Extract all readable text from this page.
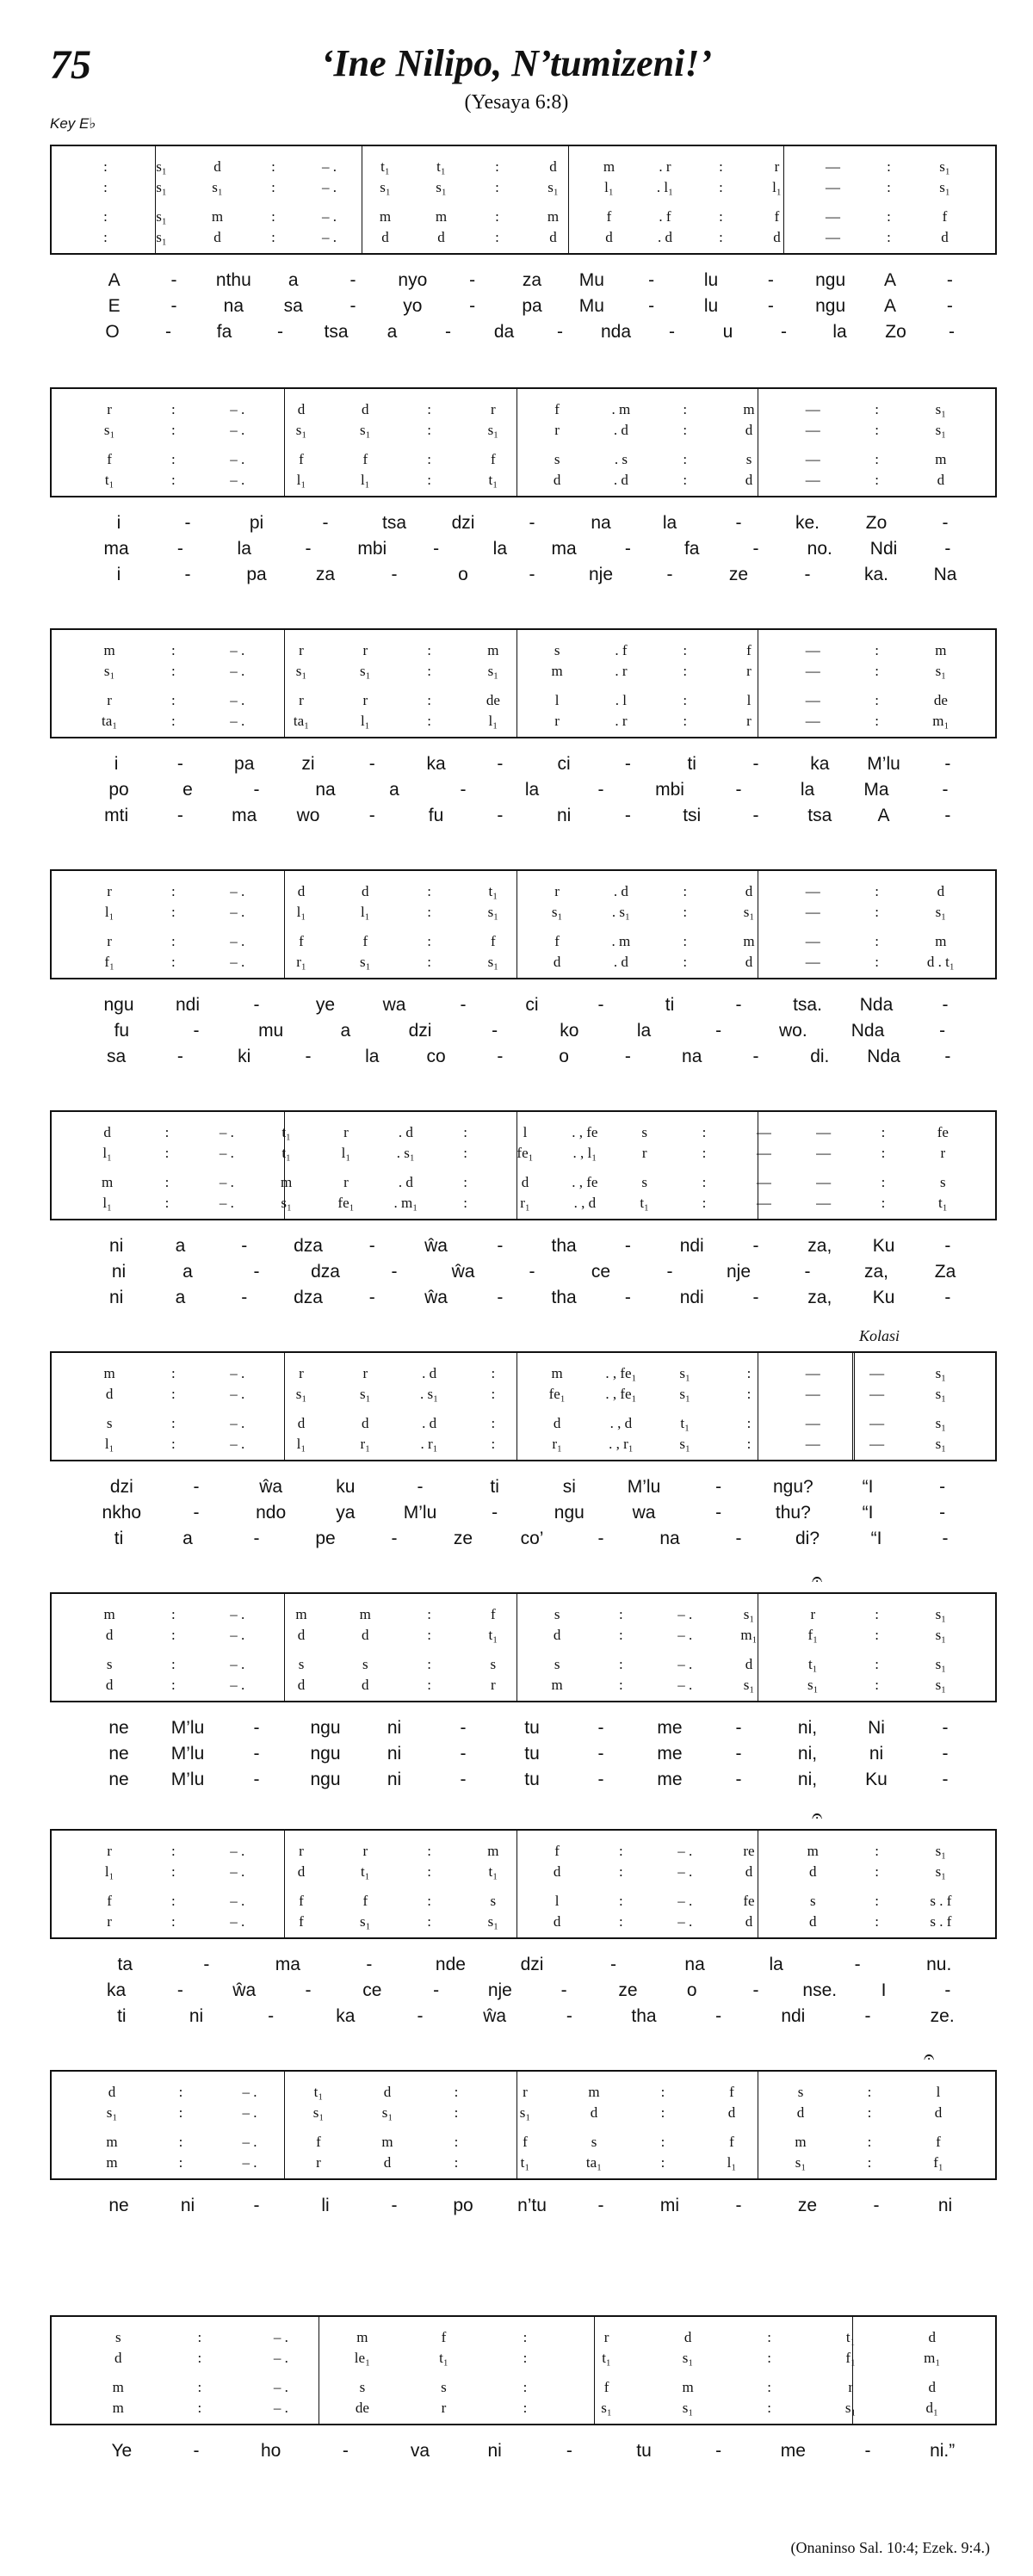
75	‘Ine Nilipo, N’tumizeni!’
(Yesaya 6:8)
Key E♭
:	s₁	d	:	– .	t₁	t₁	:	d	m	. r	:	r	—	:	s₁
:	s₁	s₁	:	– .	s₁	s₁	:	s₁	l₁	. l₁	:	l₁	—	:	s₁
:	s₁	m	:	– .	m	m	:	m	f	. f	:	f	—	:	f
:	s₁	d	:	– .	d	d	:	d	d	. d	:	d	—	:	d
A	- nthu a	- nyo -	za Mu -	lu	- ngu A	-
E	-	na sa	-	yo	-	pa Mu -	lu	- ngu A	-
O	-	fa	- tsa a	- da - nda -	u	-	la Zo -
r	:	– .	d	d	:	r	f	. m	:	m	—	:	s₁
s₁	:	– .	s₁	s₁	:	s₁	r	. d	:	d	—	:	s₁
f	:	– .	f	f	:	f	s	. s	:	s	—	:	m
t₁	:	– .	l₁	l₁	:	t₁	d	. d	:	d	—	:	d
i	-	pi	-	tsa	dzi	-	na	la	-	ke.	Zo	-
ma	-	la	-	mbi	-	la ma	-	fa	-	no. Ndi	-
i	-	pa	za	-	o	-	nje	-	ze	-	ka.	Na
m	:	– .	r	r	:	m	s	. f	:	f	—	:	m
s₁	:	– .	s₁	s₁	:	s₁	m	. r	:	r	—	:	s₁
r	:	– .	r	r	:	de	l	. l	:	l	—	:	de
ta₁	:	– .	ta₁	l₁	:	l₁	r	. r	:	r	—	:	m₁
i	-	pa	zi	-	ka	-	ci	-	ti	-	ka M’lu -
po	e	-	na	a	-	la	-	mbi	-	la	Ma	-
mti	-	ma wo	-	fu	-	ni	-	tsi	-	tsa	A	-
r	:	– .	d	d	:	t₁	r	. d	:	d	—	:	d
l₁	:	– .	l₁	l₁	:	s₁	s₁	. s₁	:	s₁	—	:	s₁
r	:	– .	f	f	:	f	f	. m	:	m	—	:	m
f₁	:	– .	r₁	s₁	:	s₁	d	. d	:	d	—	:	d . t₁
ngu ndi	-	ye	wa	-	ci	-	ti	-	tsa. Nda	-
fu	-	mu	a	dzi	-	ko	la	-	wo. Nda	-
sa	-	ki	-	la	co	-	o	-	na	-	di. Nda -
d	:	– .	t₁	r	. d	:	l	. , fe	s	:	—	—	:	fe
l₁	:	– .	t₁	l₁	. s₁	:	fe₁	. , l₁	r	:	—	—	:	r
m	:	– .	m	r	. d	:	d	. , fe	s	:	—	—	:	s
l₁	:	– .	s₁	fe₁	. m₁	:	r₁	. , d	t₁	:	—	—	:	t₁
ni	a	-	dza	-	ŵa	-	tha	-	ndi	-	za, Ku	-
ni	a	-	dza	-	ŵa	-	ce	-	nje	-	za,	Za
ni	a	-	dza	-	ŵa	-	tha	-	ndi	-	za, Ku	-
Kolasi
m	:	– .	r	r	. d	:	m	. , fe₁	s₁	:	—	—	s₁
d	:	– .	s₁	s₁	. s₁	:	fe₁	. , fe₁	s₁	:	—	—	s₁
s	:	– .	d	d	. d	:	d	. , d	t₁	:	—	—	s₁
l₁	:	– .	l₁	r₁	. r₁	:	r₁	. , r₁	s₁	:	—	—	s₁
dzi	-	ŵa	ku	-	ti	si	M’lu	-	ngu?	“I	-
nkho	-	ndo	ya	M’lu	-	ngu	wa	-	thu?	“I	-
ti	a	-	pe	-	ze	co’	-	na	-	di?	“I	-
m	:	– .	m	m	:	f	s	:	– .	s₁	r	:	s₁
d	:	– .	d	d	:	t₁	d	:	– .	m₁	f₁	:	s₁
s	:	– .	s	s	:	s	s	:	– .	d	t₁	:	s₁
d	:	– .	d	d	:	r	m	:	– .	s₁	s₁	:	s₁
ne M’lu	-	ngu	ni	-	tu	-	me	-	ni,	Ni	-
ne M’lu	-	ngu	ni	-	tu	-	me	-	ni,	ni	-
ne M’lu	-	ngu	ni	-	tu	-	me	-	ni,	Ku	-
𝄐
r	:	– .	r	r	:	m	f	:	– .	re	m	:	s₁
l₁	:	– .	d	t₁	:	t₁	d	:	– .	d	d	:	s₁
f	:	– .	f	f	:	s	l	:	– .	fe	s	:	s . f
r	:	– .	f	s₁	:	s₁	d	:	– .	d	d	:	s . f
ta	-	ma	-	nde	dzi	-	na	la	-	nu.
ka	-	ŵa	-	ce	-	nje	-	ze	o	- nse. I	-
ti	ni	-	ka	-	ŵa	-	tha	-	ndi	-	ze.
𝄐
d	:	– .	t₁	d	:	r	m	:	f	s	:	l
s₁	:	– .	s₁	s₁	:	s₁	d	:	d	d	:	d
m	:	– .	f	m	:	f	s	:	f	m	:	f
m	:	– .	r	d	:	t₁	ta₁	:	l₁	s₁	:	f₁
ne	ni	-	li	-	po n’tu	-	mi	-	ze	-	ni
𝄐
s	:	– .	m	f	:	r	d	:	t₁	d
d	:	– .	le₁	t₁	:	t₁	s₁	:	f₁	m₁
m	:	– .	s	s	:	f	m	:	r	d
m	:	– .	de	r	:	s₁	s₁	:	s₁	d₁
Ye	-	ho	-	va	ni	-	tu	-	me	-	ni.”
(Onaninso Sal. 10:4; Ezek. 9:4.)
